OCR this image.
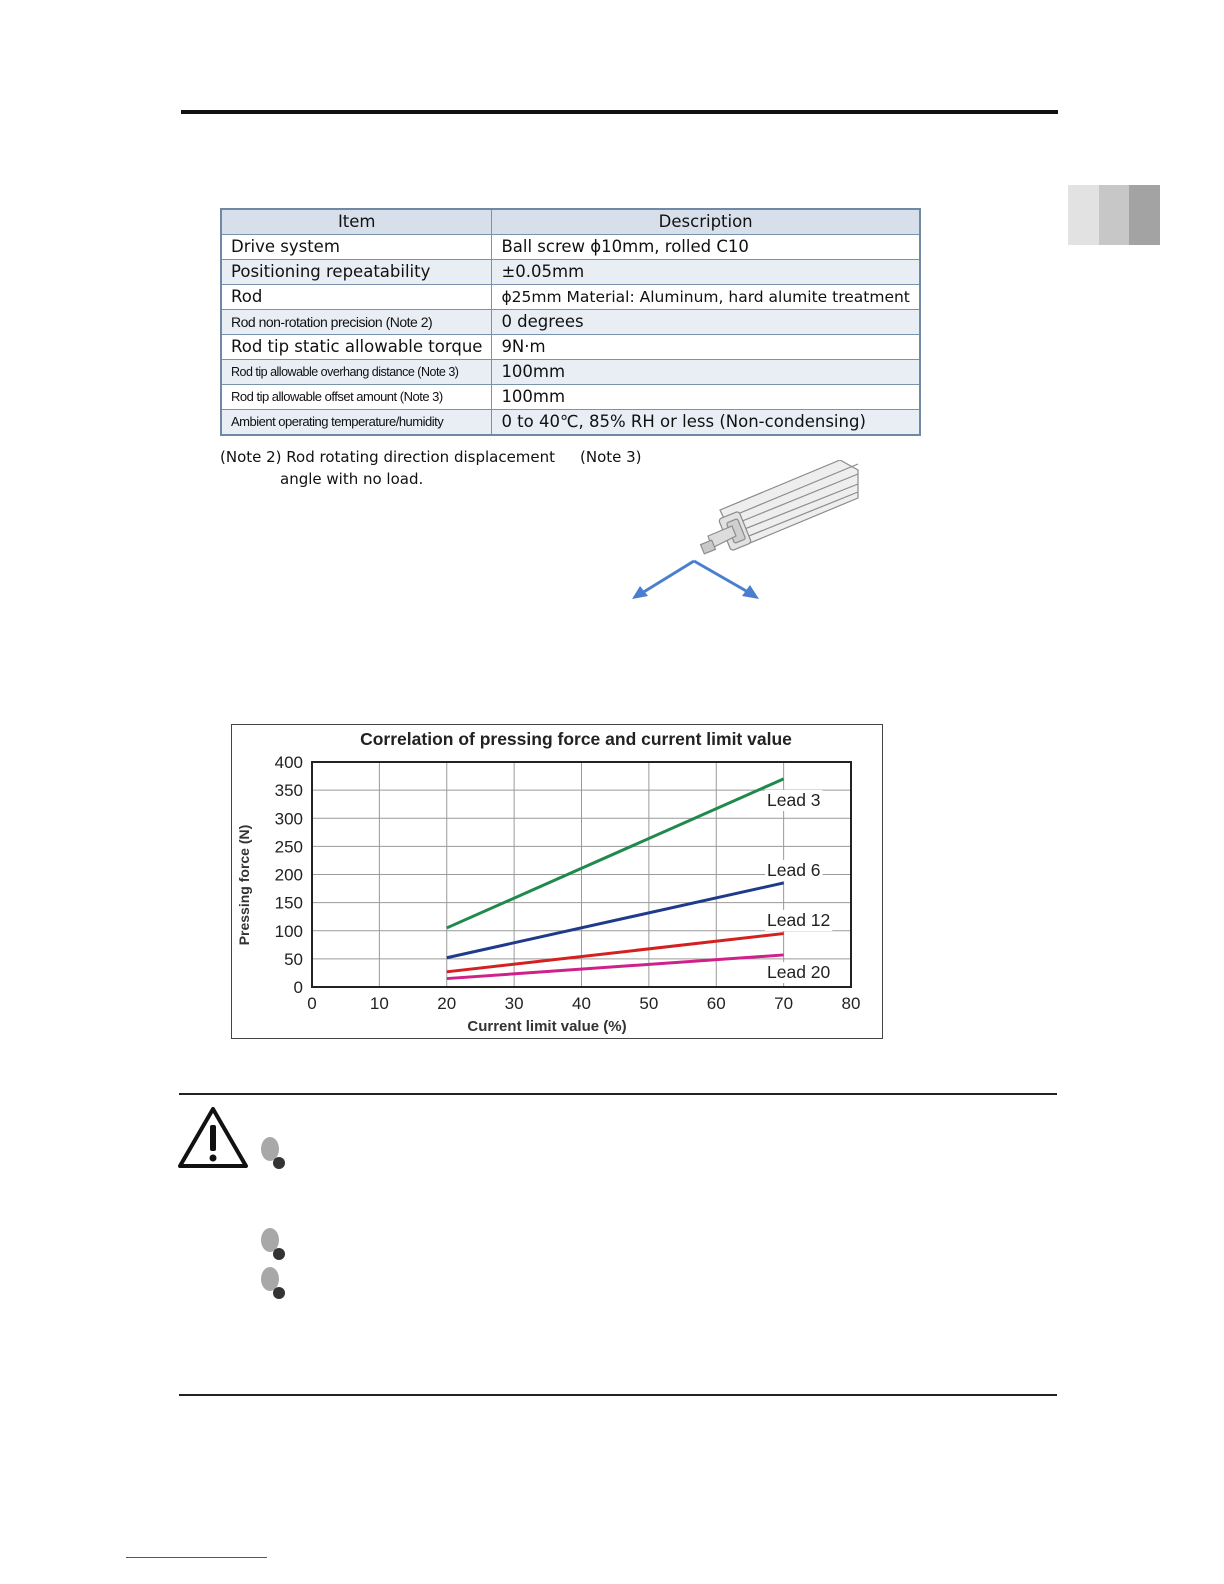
Item	Description
Drive system	Ball screw ϕ10mm, rolled C10
Positioning repeatability	±0.05mm
Rod	ϕ25mm Material: Aluminum, hard alumite treatment
Rod non-rotation precision (Note 2)	0 degrees
Rod tip static allowable torque	9N·m
Rod tip allowable overhang distance (Note 3)	100mm
Rod tip allowable offset amount (Note 3)	100mm
Ambient operating temperature/humidity	0 to 40℃, 85% RH or less (Non-condensing)
(Note 2) Rod rotating direction displacement
angle with no load.
(Note 3)
Correlation of pressing force and current limit value
0	10	20	30	40	50	60	70	80
0
50
100
150
200
250
300
350
400
Lead 3
Lead 6
Lead 12
Lead 20
Current limit value (%)
Pressing force (N)
